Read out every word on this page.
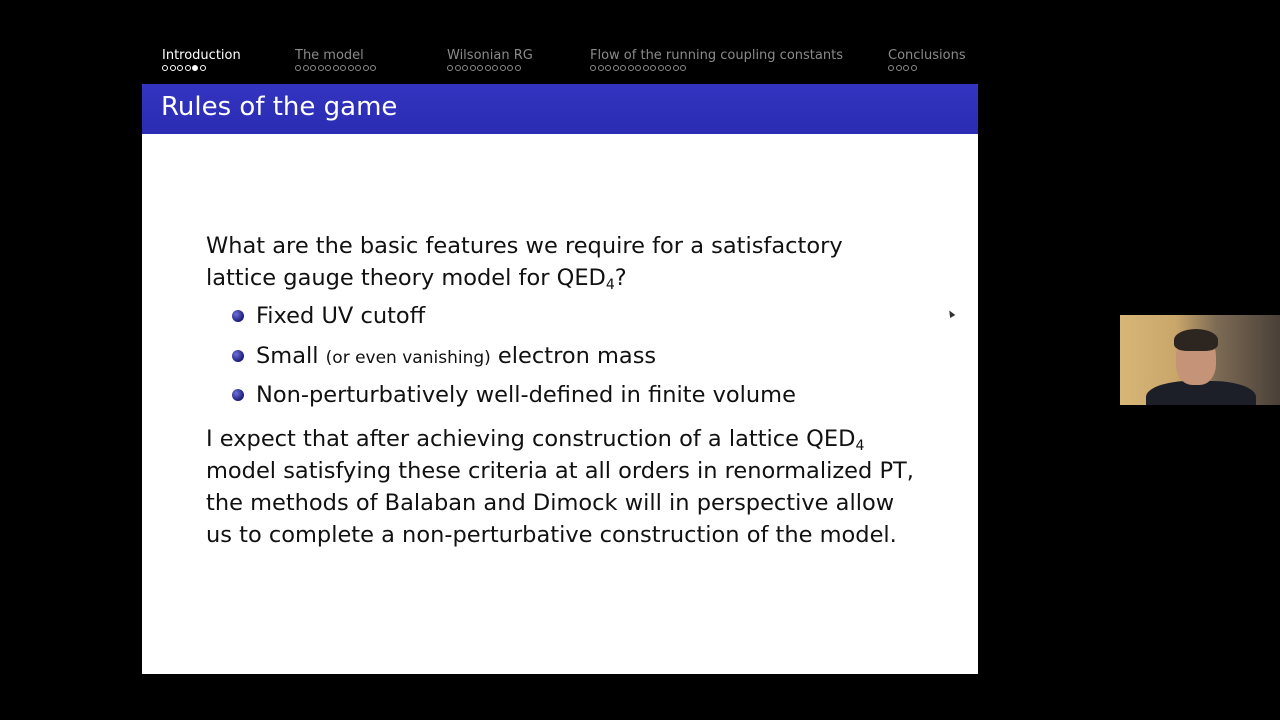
Introduction	The model	Wilsonian RG	Flow of the running coupling constants	Conclusions
Rules of the game
What are the basic features we require for a satisfactory
lattice gauge theory model for $QED_4$?
Fixed UV cutoff
Small (or even vanishing) electron mass
Non-perturbatively well-defined in finite volume
I expect that after achieving construction of a lattice $QED_4$
model satisfying these criteria at all orders in renormalized PT,
the methods of Balaban and Dimock will in perspective allow
us to complete a non-perturbative construction of the model.
